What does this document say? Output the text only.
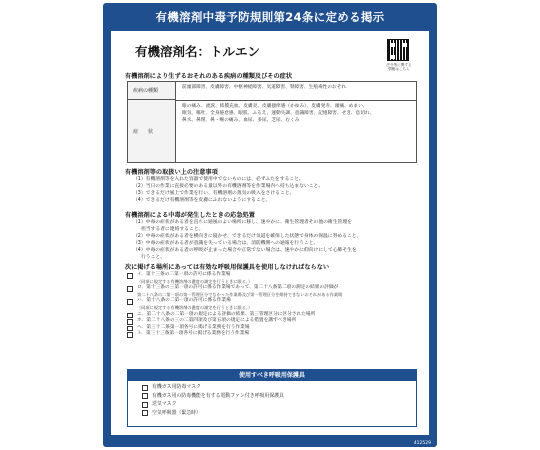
有機溶剤中毒予防規則第24条に定める掲示
有機溶剤名：トルエン
法令等に関する
情報はこちら
有機溶剤により生ずるおそれのある疾病の種類及びその症状
疾病の種類
前頭部障害、皮膚障害、中枢神経障害、気道障害、腎障害、生殖毒性のおそれ
症　　状
眼の痛み、流涙、結膜充血、皮膚炎、皮膚掻痒感（かゆみ）、皮膚発赤、頭痛、めまい、
眠気、嘔吐、全身倦怠感、眼肌、ふるえ、運動失調、意識障害、記憶障害、せき、息切れ、
鼻水、鼻閉、鼻・喉の痛み、血尿、多尿、乏尿、むくみ
有機溶剤等の取扱い上の注意事項
（1）有機溶剤等を入れた容器で使用中でないものには、必ずふたをすること。
（2）当日の作業に直接必要のある量以外の有機溶剤等を作業場内へ持ち込まないこと。
（3）できるだけ風上で作業を行い、有機溶剤の蒸気の吸入をさけること。
（4）できるだけ有機溶剤等を皮膚にふれないようにすること。
有機溶剤による中毒が発生したときの応急処置
（1）中毒の症状がある者を直ちに通風のよい場所に移し、速やかに、衛生管理者その他の衛生管理を
担当する者に連絡すること。
（2）中毒の症状がある者を横向きに寝かせ、できるだけ気道を確保した状態で身体の保温に努めること。
（3）中毒の症状がある者が意識を失っている場合は、消防機関への通報を行うこと。
（4）中毒の症状がある者の呼吸が止まった場合や正常でない場合は、速やかに仰向けにして心肺そ生を
行うこと。
次に掲げる場所にあっては有効な呼吸用保護具を使用しなければならない
イ．第十三条の二第一項の許可に係る作業場
（同項に規定する有機溶剤の濃度の測定を行うときに限る。）
ロ．第十三条の三第一項の許可に係る作業場であって、第二十八条第二項の測定の結果の評価が
第二十八条の二第一項の第一管理区分でなかった作業場及び第一管理区分を維持できないおそれがある作業場
ハ．第十八条の二第一項の許可に係る作業場
（同項に規定する有機溶剤の濃度の測定を行うときに限る。）
ニ．第二十八条の二第一項の規定による評価の結果、第三管理区分に区分された場所
ホ．第二十八条の三の二第四項及び第五項の規定による措置を講ずべき場所
ヘ．第三十二条第一項各号に掲げる業務を行う作業場
ト．第三十三条第一項各号に掲げる業務を行う作業場
使用すべき呼吸用保護具
有機ガス用防毒マスク
有機ガス用の防毒機能を有する電動ファン付き呼吸用保護具
送気マスク
空気呼吸器（緊急時）
412529
